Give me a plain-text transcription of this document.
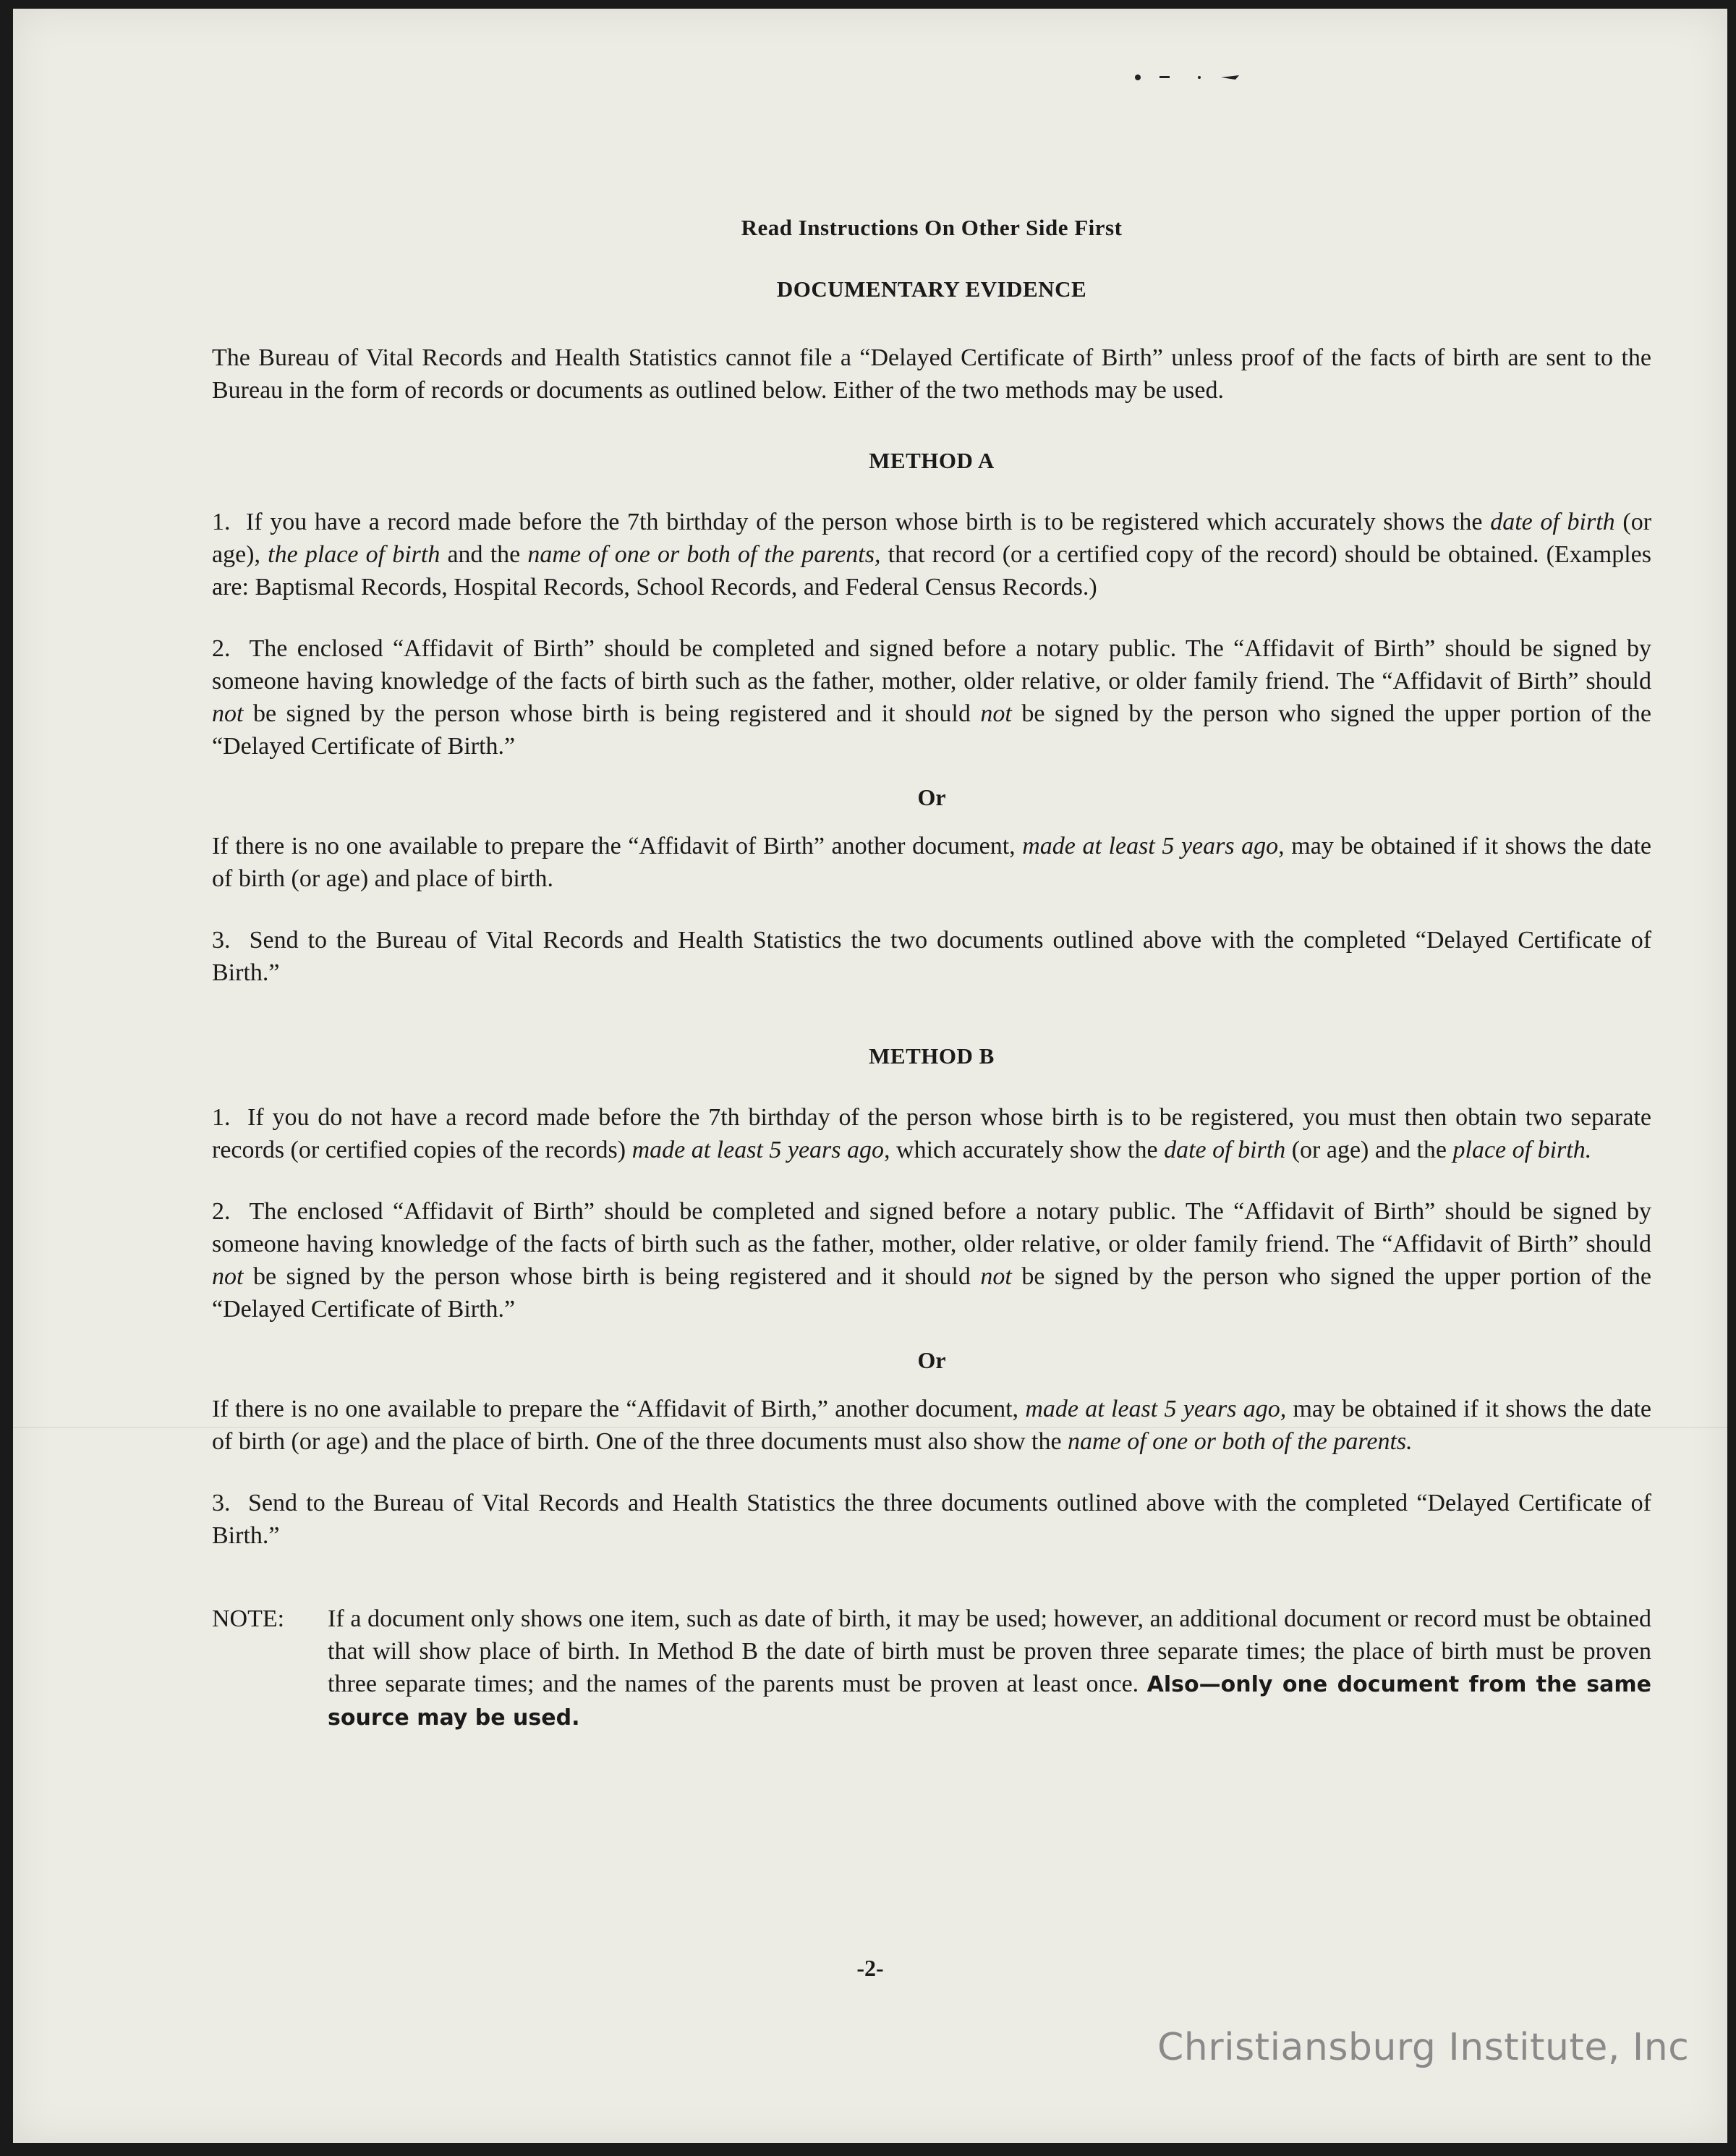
Read Instructions On Other Side First
DOCUMENTARY EVIDENCE

The Bureau of Vital Records and Health Statistics cannot file a “Delayed Certificate of Birth” unless proof of the facts of birth are sent to the Bureau in the form of records or documents as outlined below. Either of the two methods may be used.

METHOD A

1. If you have a record made before the 7th birthday of the person whose birth is to be registered which accurately shows the date of birth (or age), the place of birth and the name of one or both of the parents, that record (or a certified copy of the record) should be obtained. (Examples are: Baptismal Records, Hospital Records, School Records, and Federal Census Records.)

2. The enclosed “Affidavit of Birth” should be completed and signed before a notary public. The “Affidavit of Birth” should be signed by someone having knowledge of the facts of birth such as the father, mother, older relative, or older family friend. The “Affidavit of Birth” should not be signed by the person whose birth is being registered and it should not be signed by the person who signed the upper portion of the “Delayed Certificate of Birth.”

Or

If there is no one available to prepare the “Affidavit of Birth” another document, made at least 5 years ago, may be obtained if it shows the date of birth (or age) and place of birth.

3. Send to the Bureau of Vital Records and Health Statistics the two documents outlined above with the completed “Delayed Certificate of Birth.”

METHOD B

1. If you do not have a record made before the 7th birthday of the person whose birth is to be registered, you must then obtain two separate records (or certified copies of the records) made at least 5 years ago, which accurately show the date of birth (or age) and the place of birth.

2. The enclosed “Affidavit of Birth” should be completed and signed before a notary public. The “Affidavit of Birth” should be signed by someone having knowledge of the facts of birth such as the father, mother, older relative, or older family friend. The “Affidavit of Birth” should not be signed by the person whose birth is being registered and it should not be signed by the person who signed the upper portion of the “Delayed Certificate of Birth.”

Or

If there is no one available to prepare the “Affidavit of Birth,” another document, made at least 5 years ago, may be obtained if it shows the date of birth (or age) and the place of birth. One of the three documents must also show the name of one or both of the parents.

3. Send to the Bureau of Vital Records and Health Statistics the three documents outlined above with the completed “Delayed Certificate of Birth.”

NOTE:	If a document only shows one item, such as date of birth, it may be used; however, an additional document or record must be obtained that will show place of birth. In Method B the date of birth must be proven three separate times; the place of birth must be proven three separate times; and the names of the parents must be proven at least once. Also—only one document from the same source may be used.
-2-
Christiansburg Institute, Inc
